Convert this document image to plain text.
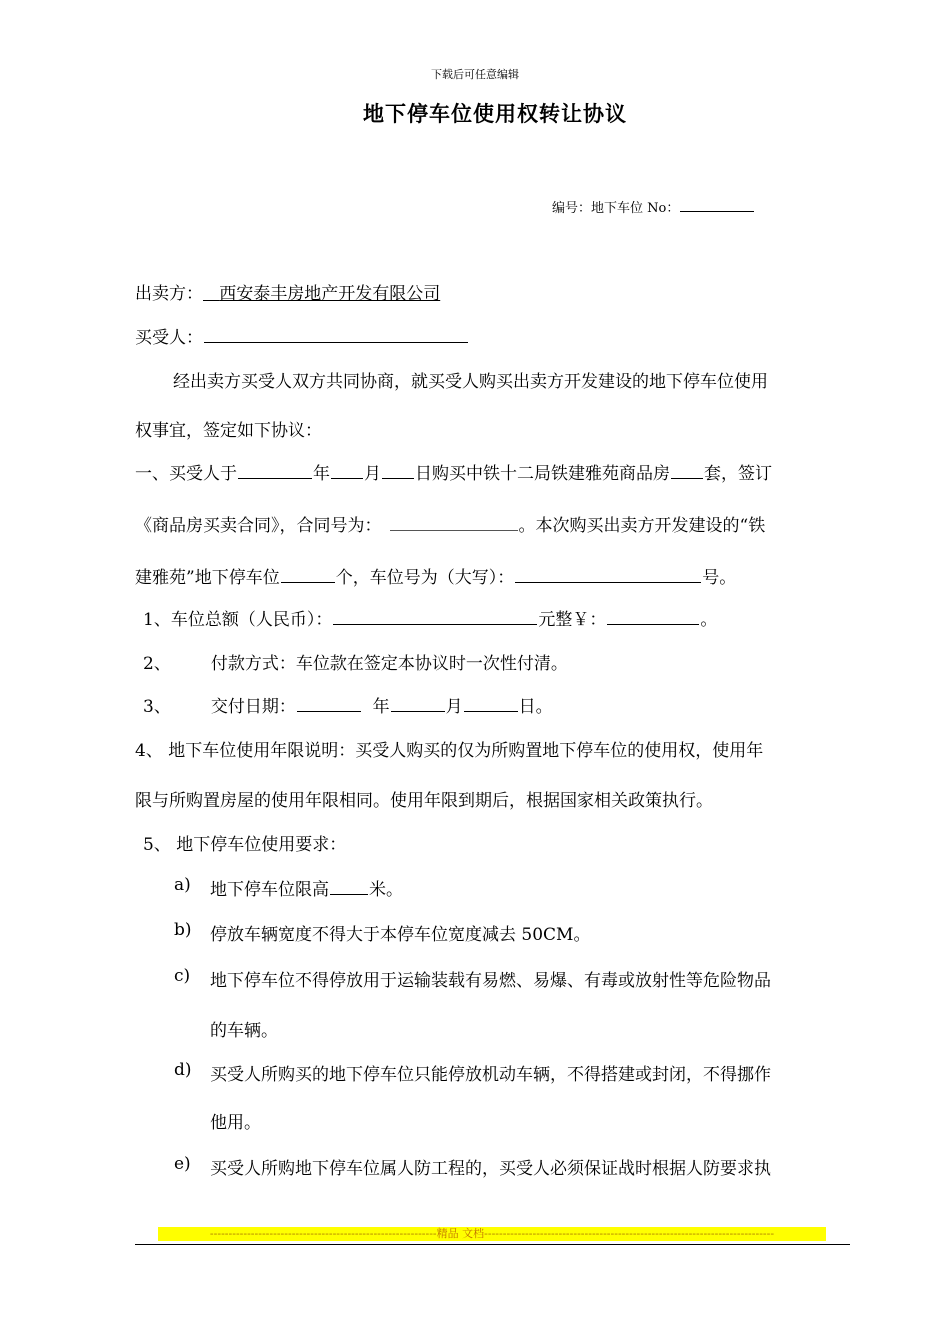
下载后可任意编辑
地下停车位使用权转让协议
编号：地下车位 No：
出卖方： 西安泰丰房地产开发有限公司
买受人：
经出卖方买受人双方共同协商，就买受人购买出卖方开发建设的地下停车位使用
权事宜，签定如下协议：
一、买受人于	年 月 日购买中铁十二局铁建雅苑商品房 套，签订
《商品房买卖合同》，合同号为：	。本次购买出卖方开发建设的“铁
建雅苑”地下停车位	个，车位号为（大写）：	号。
1、车位总额（人民币）：	元整￥：	。
2、 付款方式：车位款在签定本协议时一次性付清。
3、 交付日期：	年	月	日。
4、 地下车位使用年限说明：买受人购买的仅为所购置地下停车位的使用权，使用年
限与所购置房屋的使用年限相同。使用年限到期后，根据国家相关政策执行。
5、 地下停车位使用要求：
a) 地下停车位限高 米。
b) 停放车辆宽度不得大于本停车位宽度减去 50CM。
c) 地下停车位不得停放用于运输装载有易燃、易爆、有毒或放射性等危险物品
的车辆。
d) 买受人所购买的地下停车位只能停放机动车辆，不得搭建或封闭，不得挪作
他用。
e) 买受人所购地下停车位属人防工程的，买受人必须保证战时根据人防要求执
-------------------------------------------------------------精品 文档------------------------------------------------------------------------------
